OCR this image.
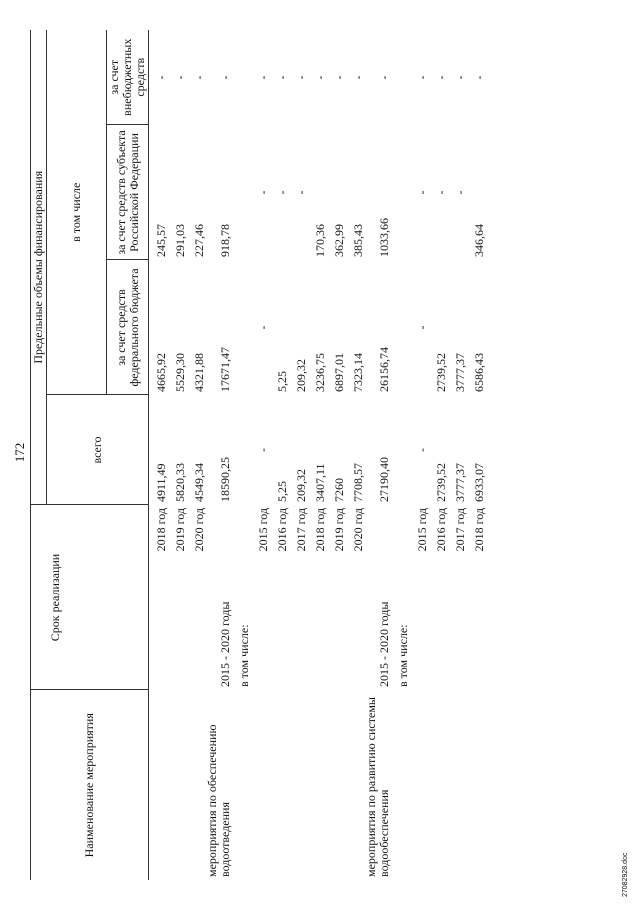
172
Наименование мероприятия	Срок реализации	Предельные объемы финансирования			
		всего	в том числе		
			за счет средств федерального бюджета	за счет средств субъекта Российской Федерации	за счет внебюджетных средств
	2018 год	4911,49	4665,92	245,57	-
	2019 год	5820,33	5529,30	291,03	-
	2020 год	4549,34	4321,88	227,46	-
мероприятия по обеспечению водоотведения	2015 - 2020 годы	18590,25	17671,47	918,78	-
	в том числе:				
	2015 год	-	-	-	-
	2016 год	5,25	5,25	-	-
	2017 год	209,32	209,32	-	-
	2018 год	3407,11	3236,75	170,36	-
	2019 год	7260	6897,01	362,99	-
	2020 год	7708,57	7323,14	385,43	-
мероприятия по развитию системы водообеспечения	2015 - 2020 годы	27190,40	26156,74	1033,66	-
	в том числе:				
	2015 год	-	-	-	-
	2016 год	2739,52	2739,52	-	-
	2017 год	3777,37	3777,37	-	-
	2018 год	6933,07	6586,43	346,64	-
27082928.doc
